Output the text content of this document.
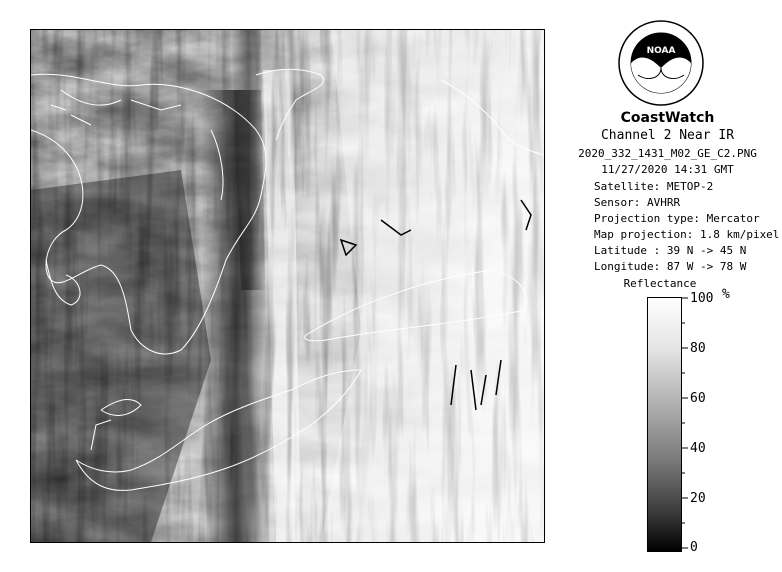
NOAA
CoastWatch
Channel 2 Near IR
2020_332_1431_M02_GE_C2.PNG
11/27/2020 14:31 GMT
Satellite: METOP-2
Sensor: AVHRR
Projection type: Mercator
Map projection: 1.8 km/pixel
Latitude : 39 N -> 45 N
Longitude: 87 W -> 78 W
Reflectance
100 %
80
60
40
20
0
